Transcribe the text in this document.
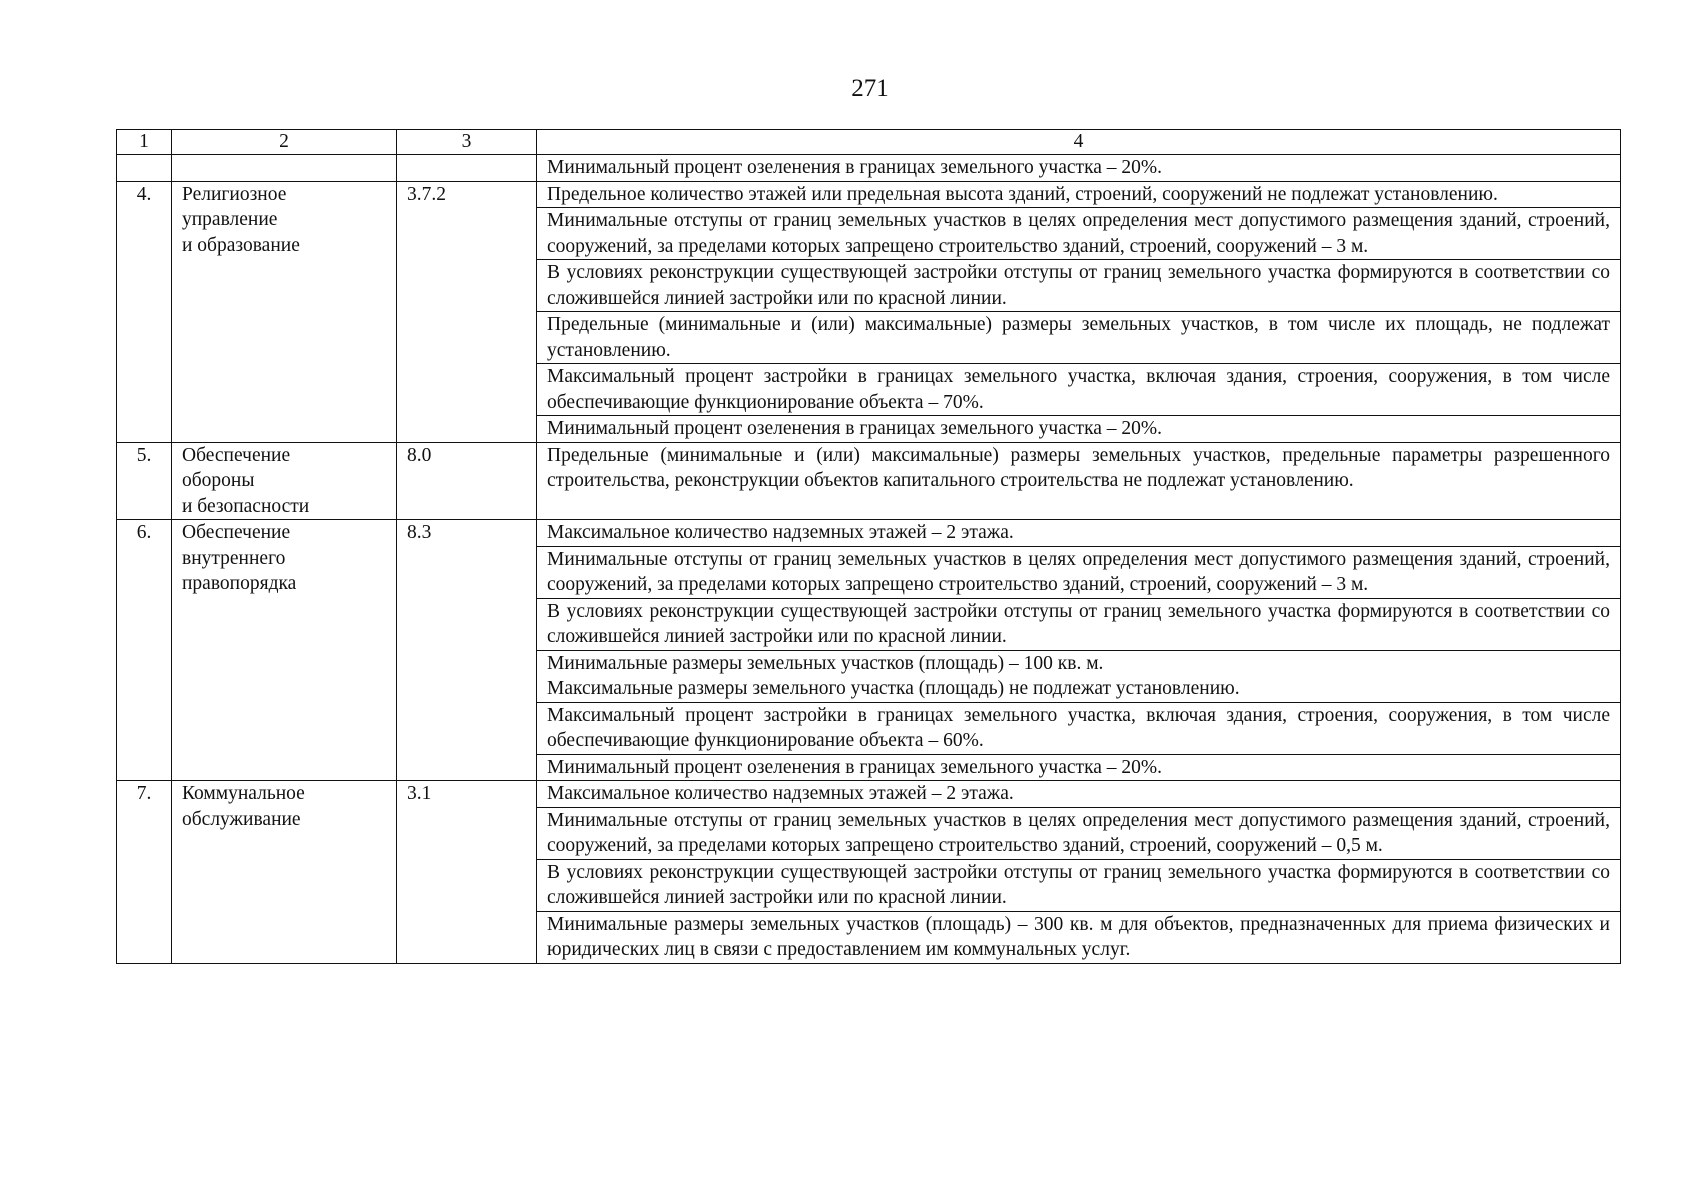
271
1	2	3	4
			Минимальный процент озеленения в границах земельного участка – 20%.
4.	Религиозное
управление
и образование	3.7.2	Предельное количество этажей или предельная высота зданий, строений, сооружений не подлежат установлению.
			Минимальные отступы от границ земельных участков в целях определения мест допустимого размещения зданий, строений, сооружений, за пределами которых запрещено строительство зданий, строений, сооружений – 3 м.
			В условиях реконструкции существующей застройки отступы от границ земельного участка формируются в соответствии со сложившейся линией застройки или по красной линии.
			Предельные (минимальные и (или) максимальные) размеры земельных участков, в том числе их площадь, не подлежат установлению.
			Максимальный процент застройки в границах земельного участка, включая здания, строения, сооружения, в том числе обеспечивающие функционирование объекта – 70%.
			Минимальный процент озеленения в границах земельного участка – 20%.
5.	Обеспечение
обороны
и безопасности	8.0	Предельные (минимальные и (или) максимальные) размеры земельных участков, предельные параметры разрешенного строительства, реконструкции объектов капитального строительства не подлежат установлению.
6.	Обеспечение
внутреннего
правопорядка	8.3	Максимальное количество надземных этажей – 2 этажа.
			Минимальные отступы от границ земельных участков в целях определения мест допустимого размещения зданий, строений, сооружений, за пределами которых запрещено строительство зданий, строений, сооружений – 3 м.
			В условиях реконструкции существующей застройки отступы от границ земельного участка формируются в соответствии со сложившейся линией застройки или по красной линии.

			Минимальные размеры земельных участков (площадь) – 100 кв. м.
Максимальные размеры земельного участка (площадь) не подлежат установлению.

			Максимальный процент застройки в границах земельного участка, включая здания, строения, сооружения, в том числе обеспечивающие функционирование объекта – 60%.
			Минимальный процент озеленения в границах земельного участка – 20%.
7.	Коммунальное
обслуживание	3.1	Максимальное количество надземных этажей – 2 этажа.
			Минимальные отступы от границ земельных участков в целях определения мест допустимого размещения зданий, строений, сооружений, за пределами которых запрещено строительство зданий, строений, сооружений – 0,5 м.
			В условиях реконструкции существующей застройки отступы от границ земельного участка формируются в соответствии со сложившейся линией застройки или по красной линии.
			Минимальные размеры земельных участков (площадь) – 300 кв. м для объектов, предназначенных для приема физических и юридических лиц в связи с предоставлением им коммунальных услуг.
